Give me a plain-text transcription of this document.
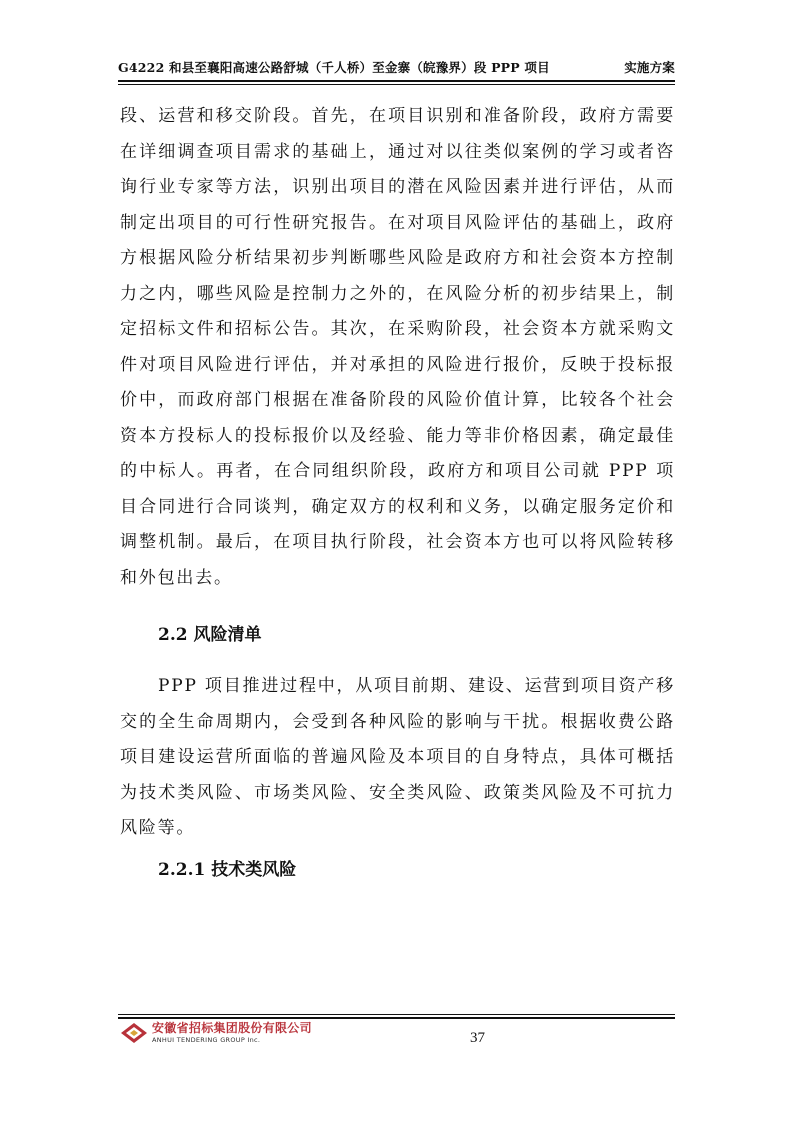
G4222 和县至襄阳高速公路舒城（千人桥）至金寨（皖豫界）段 PPP 项目	实施方案

段、运营和移交阶段。首先，在项目识别和准备阶段，政府方需要在详细调查项目需求的基础上，通过对以往类似案例的学习或者咨询行业专家等方法，识别出项目的潜在风险因素并进行评估，从而制定出项目的可行性研究报告。在对项目风险评估的基础上，政府方根据风险分析结果初步判断哪些风险是政府方和社会资本方控制力之内，哪些风险是控制力之外的，在风险分析的初步结果上，制定招标文件和招标公告。其次，在采购阶段，社会资本方就采购文件对项目风险进行评估，并对承担的风险进行报价，反映于投标报价中，而政府部门根据在准备阶段的风险价值计算，比较各个社会资本方投标人的投标报价以及经验、能力等非价格因素，确定最佳的中标人。再者，在合同组织阶段，政府方和项目公司就 PPP 项目合同进行合同谈判，确定双方的权利和义务，以确定服务定价和调整机制。最后，在项目执行阶段，社会资本方也可以将风险转移和外包出去。

2.2 风险清单

PPP 项目推进过程中，从项目前期、建设、运营到项目资产移交的全生命周期内，会受到各种风险的影响与干扰。根据收费公路项目建设运营所面临的普遍风险及本项目的自身特点，具体可概括为技术类风险、市场类风险、安全类风险、政策类风险及不可抗力风险等。

2.2.1 技术类风险
安徽省招标集团股份有限公司
ANHUI TENDERING GROUP Inc.	37
